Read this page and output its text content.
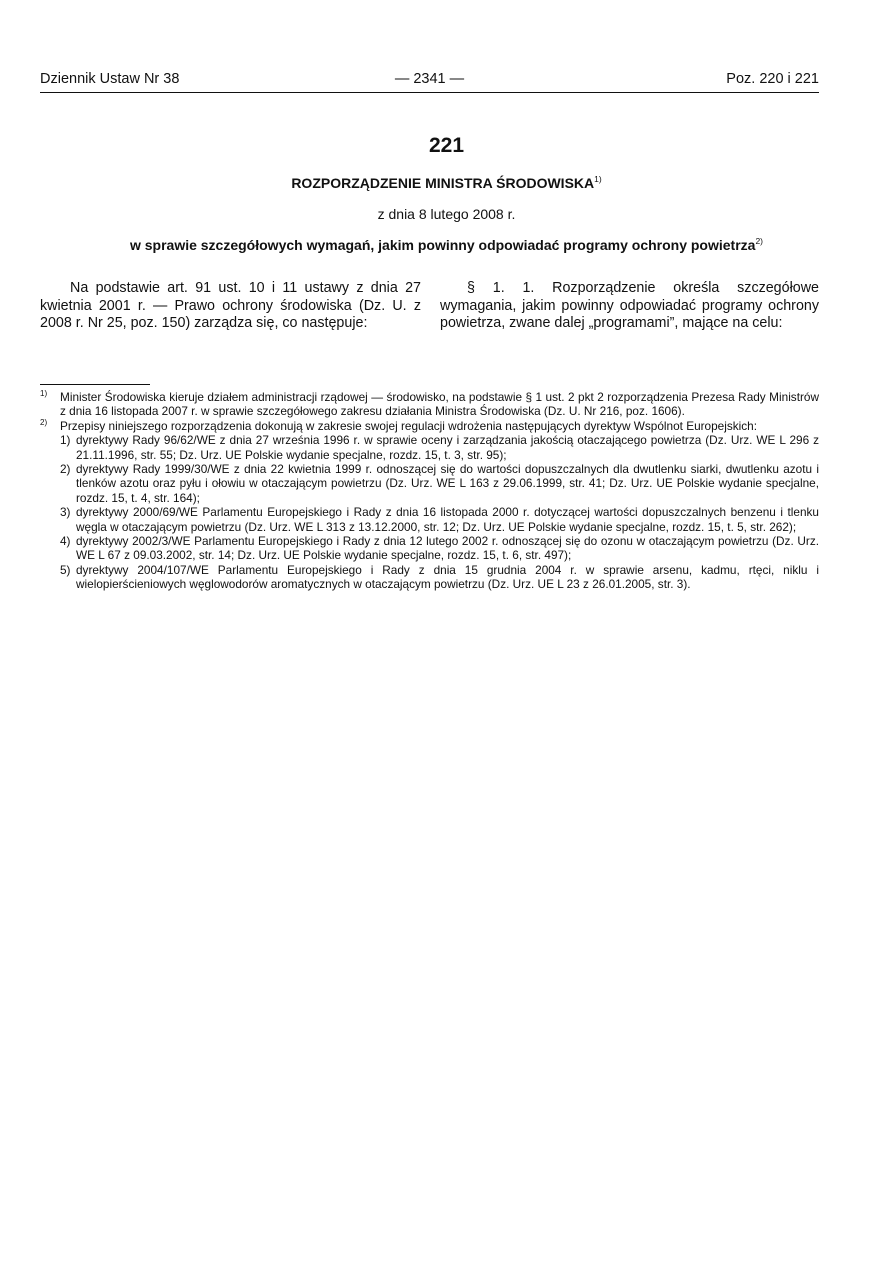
Dziennik Ustaw Nr 38	— 2341 —	Poz. 220 i 221
221
ROZPORZĄDZENIE MINISTRA ŚRODOWISKA$^{1)}$
z dnia 8 lutego 2008 r.
w sprawie szczegółowych wymagań, jakim powinny odpowiadać programy ochrony powietrza$^{2)}$
Na podstawie art. 91 ust. 10 i 11 ustawy z dnia 27 kwietnia 2001 r. — Prawo ochrony środowiska (Dz. U. z 2008 r. Nr 25, poz. 150) zarządza się, co następuje:
§ 1. 1. Rozporządzenie określa szczegółowe wymagania, jakim powinny odpowiadać programy ochrony powietrza, zwane dalej „programami”, mające na celu:
1) Minister Środowiska kieruje działem administracji rządowej — środowisko, na podstawie § 1 ust. 2 pkt 2 rozporządzenia Prezesa Rady Ministrów z dnia 16 listopada 2007 r. w sprawie szczegółowego zakresu działania Ministra Środowiska (Dz. U. Nr 216, poz. 1606).
2) Przepisy niniejszego rozporządzenia dokonują w zakresie swojej regulacji wdrożenia następujących dyrektyw Wspólnot Europejskich:
1) dyrektywy Rady 96/62/WE z dnia 27 września 1996 r. w sprawie oceny i zarządzania jakością otaczającego powietrza (Dz. Urz. WE L 296 z 21.11.1996, str. 55; Dz. Urz. UE Polskie wydanie specjalne, rozdz. 15, t. 3, str. 95);
2) dyrektywy Rady 1999/30/WE z dnia 22 kwietnia 1999 r. odnoszącej się do wartości dopuszczalnych dla dwutlenku siarki, dwutlenku azotu i tlenków azotu oraz pyłu i ołowiu w otaczającym powietrzu (Dz. Urz. WE L 163 z 29.06.1999, str. 41; Dz. Urz. UE Polskie wydanie specjalne, rozdz. 15, t. 4, str. 164);
3) dyrektywy 2000/69/WE Parlamentu Europejskiego i Rady z dnia 16 listopada 2000 r. dotyczącej wartości dopuszczalnych benzenu i tlenku węgla w otaczającym powietrzu (Dz. Urz. WE L 313 z 13.12.2000, str. 12; Dz. Urz. UE Polskie wydanie specjalne, rozdz. 15, t. 5, str. 262);
4) dyrektywy 2002/3/WE Parlamentu Europejskiego i Rady z dnia 12 lutego 2002 r. odnoszącej się do ozonu w otaczającym powietrzu (Dz. Urz. WE L 67 z 09.03.2002, str. 14; Dz. Urz. UE Polskie wydanie specjalne, rozdz. 15, t. 6, str. 497);
5) dyrektywy 2004/107/WE Parlamentu Europejskiego i Rady z dnia 15 grudnia 2004 r. w sprawie arsenu, kadmu, rtęci, niklu i wielopierścieniowych węglowodorów aromatycznych w otaczającym powietrzu (Dz. Urz. UE L 23 z 26.01.2005, str. 3).
